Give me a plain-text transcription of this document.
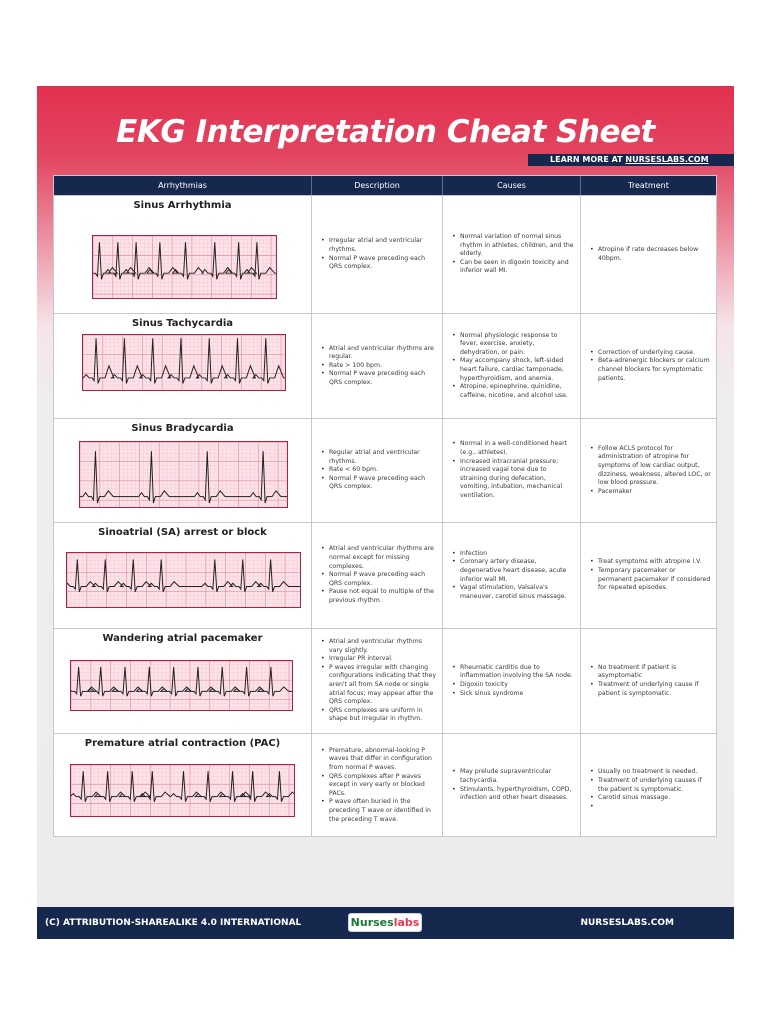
EKG Interpretation Cheat Sheet
LEARN MORE AT NURSESLABS.COM
Arrhythmias	Description	Causes	Treatment
Sinus Arrhythmia
• Irregular atrial and ventricular rhythms.
• Normal P wave preceding each QRS complex.
• Normal variation of normal sinus rhythm in athletes, children, and the elderly.
• Can be seen in digoxin toxicity and inferior wall MI.
• Atropine if rate decreases below 40bpm.
Sinus Tachycardia
• Atrial and ventricular rhythms are regular.
• Rate > 100 bpm.
• Normal P wave preceding each QRS complex.
• Normal physiologic response to fever, exercise, anxiety, dehydration, or pain.
• May accompany shock, left-sided heart failure, cardiac tamponade, hyperthyroidism, and anemia.
• Atropine, epinephrine, quinidine, caffeine, nicotine, and alcohol use.
• Correction of underlying cause.
• Beta-adrenergic blockers or calcium channel blockers for symptomatic patients.
Sinus Bradycardia
• Regular atrial and ventricular rhythms.
• Rate < 60 bpm.
• Normal P wave preceding each QRS complex.
• Normal in a well-conditioned heart (e.g., athletes).
• Increased intracranial pressure; increased vagal tone due to straining during defecation, vomiting, intubation, mechanical ventilation.
• Follow ACLS protocol for administration of atropine for symptoms of low cardiac output, dizziness, weakness, altered LOC, or low blood pressure.
• Pacemaker
Sinoatrial (SA) arrest or block
• Atrial and ventricular rhythms are normal except for missing complexes.
• Normal P wave preceding each QRS complex.
• Pause not equal to multiple of the previous rhythm.
• Infection
• Coronary artery disease, degenerative heart disease, acute inferior wall MI.
• Vagal stimulation, Valsalva's maneuver, carotid sinus massage.
• Treat symptoms with atropine I.V.
• Temporary pacemaker or permanent pacemaker if considered for repeated episodes.
Wandering atrial pacemaker
•	Atrial and ventricular rhythms vary slightly.
• Irregular PR interval.
• P waves irregular with changing configurations indicating that they aren't all from SA node or single atrial focus; may appear after the QRS complex.
• QRS complexes are uniform in shape but irregular in rhythm.
• Rheumatic carditis due to inflammation involving the SA node.
• Digoxin toxicity
• Sick sinus syndrome
• No treatment if patient is asymptomatic
• Treatment of underlying cause if patient is symptomatic.
Premature atrial contraction (PAC)
• Premature, abnormal-looking P waves that differ in configuration from normal P waves.
• QRS complexes after P waves except in very early or blocked PACs.
• P wave often buried in the preceding T wave or identified in the preceding T wave.
• May prelude supraventricular tachycardia.
• Stimulants, hyperthyroidism, COPD, infection and other heart diseases.
• Usually no treatment is needed.
• Treatment of underlying causes if the patient is symptomatic.
• Carotid sinus massage.
(C) ATTRIBUTION-SHAREALIKE 4.0 INTERNATIONAL	Nurseslabs	NURSESLABS.COM
